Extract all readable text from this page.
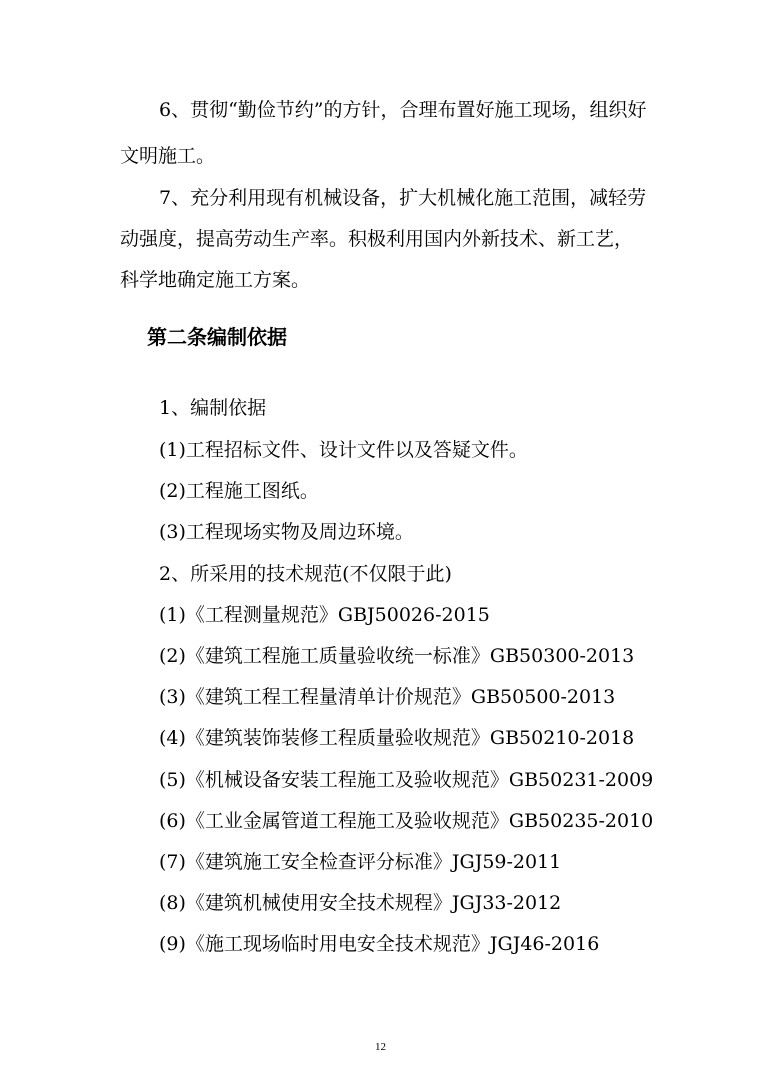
6、贯彻“勤俭节约”的方针，合理布置好施工现场，组织好
文明施工。
7、充分利用现有机械设备，扩大机械化施工范围，减轻劳
动强度，提高劳动生产率。积极利用国内外新技术、新工艺，
科学地确定施工方案。
第二条编制依据
1、编制依据
(1)工程招标文件、设计文件以及答疑文件。
(2)工程施工图纸。
(3)工程现场实物及周边环境。
2、所采用的技术规范(不仅限于此)
(1)《工程测量规范》GBJ50026-2015
(2)《建筑工程施工质量验收统一标准》GB50300-2013
(3)《建筑工程工程量清单计价规范》GB50500-2013
(4)《建筑装饰装修工程质量验收规范》GB50210-2018
(5)《机械设备安装工程施工及验收规范》GB50231-2009
(6)《工业金属管道工程施工及验收规范》GB50235-2010
(7)《建筑施工安全检查评分标准》JGJ59-2011
(8)《建筑机械使用安全技术规程》JGJ33-2012
(9)《施工现场临时用电安全技术规范》JGJ46-2016
12
